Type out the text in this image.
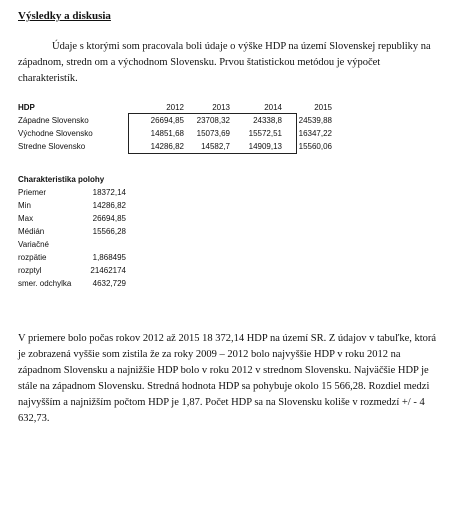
Výsledky a diskusia

Údaje s ktorými som pracovala boli údaje o výške HDP na území Slovenskej republiky na západnom, stredn om a východnom Slovensku. Prvou štatistickou metódou je výpočet charakteristík.

HDP	2012	2013	2014	2015
Západne Slovensko	26694,85	23708,32	24338,8	24539,88
Východne Slovensko	14851,68	15073,69	15572,51	16347,22
Stredne Slovensko	14286,82	14582,7	14909,13	15560,06
Charakteristika polohy
Priemer	18372,14
Min	14286,82
Max	26694,85
Médián	15566,28
Variačné
rozpätie	1,868495
rozptyl	21462174
smer. odchylka	4632,729

V priemere bolo počas rokov 2012 až 2015 18 372,14 HDP na území SR. Z údajov v tabuľke, ktorá je zobrazená vyššie som zistila že za roky 2009 – 2012 bolo najvyššie HDP v roku 2012 na západnom Slovensku a najnižšie HDP bolo v roku 2012 v strednom Slovensku. Najväčšie HDP je stále na západnom Slovensku. Stredná hodnota HDP sa pohybuje okolo 15 566,28. Rozdiel medzi najvyšším a najnižším počtom HDP je 1,87. Počet HDP sa na Slovensku koliše v rozmedzí +/ - 4 632,73.
